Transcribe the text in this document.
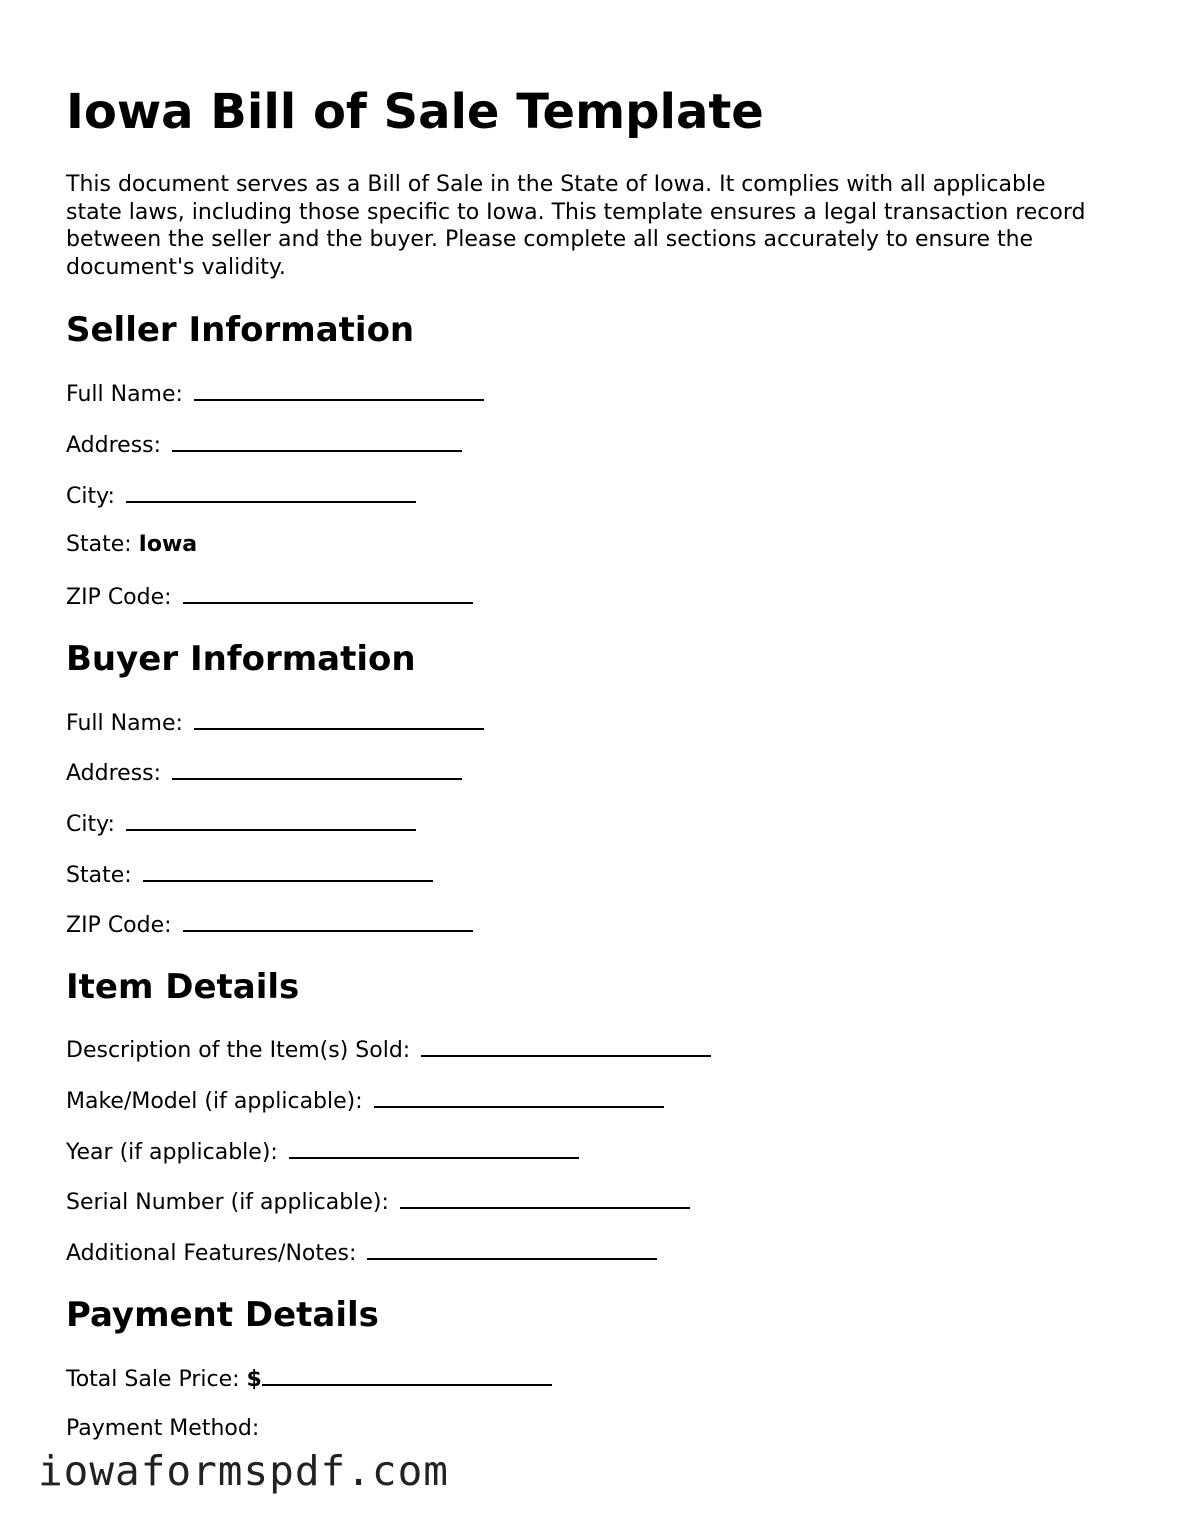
Iowa Bill of Sale Template

This document serves as a Bill of Sale in the State of Iowa. It complies with all applicable state laws, including those specific to Iowa. This template ensures a legal transaction record between the seller and the buyer. Please complete all sections accurately to ensure the document's validity.

Seller Information
Full Name:
Address:
City:
State: Iowa
ZIP Code:
Buyer Information
Full Name:
Address:
City:
State:
ZIP Code:
Item Details
Description of the Item(s) Sold:
Make/Model (if applicable):
Year (if applicable):
Serial Number (if applicable):
Additional Features/Notes:
Payment Details
Total Sale Price: $
Payment Method:
iowaformspdf.com
